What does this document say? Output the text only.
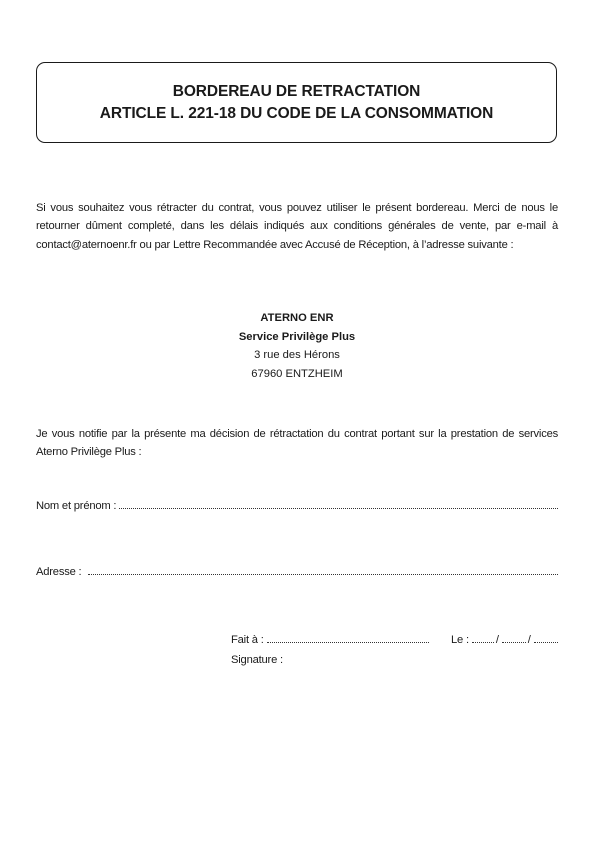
BORDEREAU DE RETRACTATION
ARTICLE L. 221-18 DU CODE DE LA CONSOMMATION

Si vous souhaitez vous rétracter du contrat, vous pouvez utiliser le présent bordereau. Merci de nous le retourner dûment completé, dans les délais indiqués aux conditions générales de vente, par e-mail à contact@aternoenr.fr ou par Lettre Recommandée avec Accusé de Réception, à l’adresse suivante :

ATERNO ENR
Service Privilège Plus
3 rue des Hérons
67960 ENTZHEIM

Je vous notifie par la présente ma décision de rétractation du contrat portant sur la prestation de services Aterno Privilège Plus :

Nom et prénom :
Adresse :
Fait à :	Le : /	/
Signature :
